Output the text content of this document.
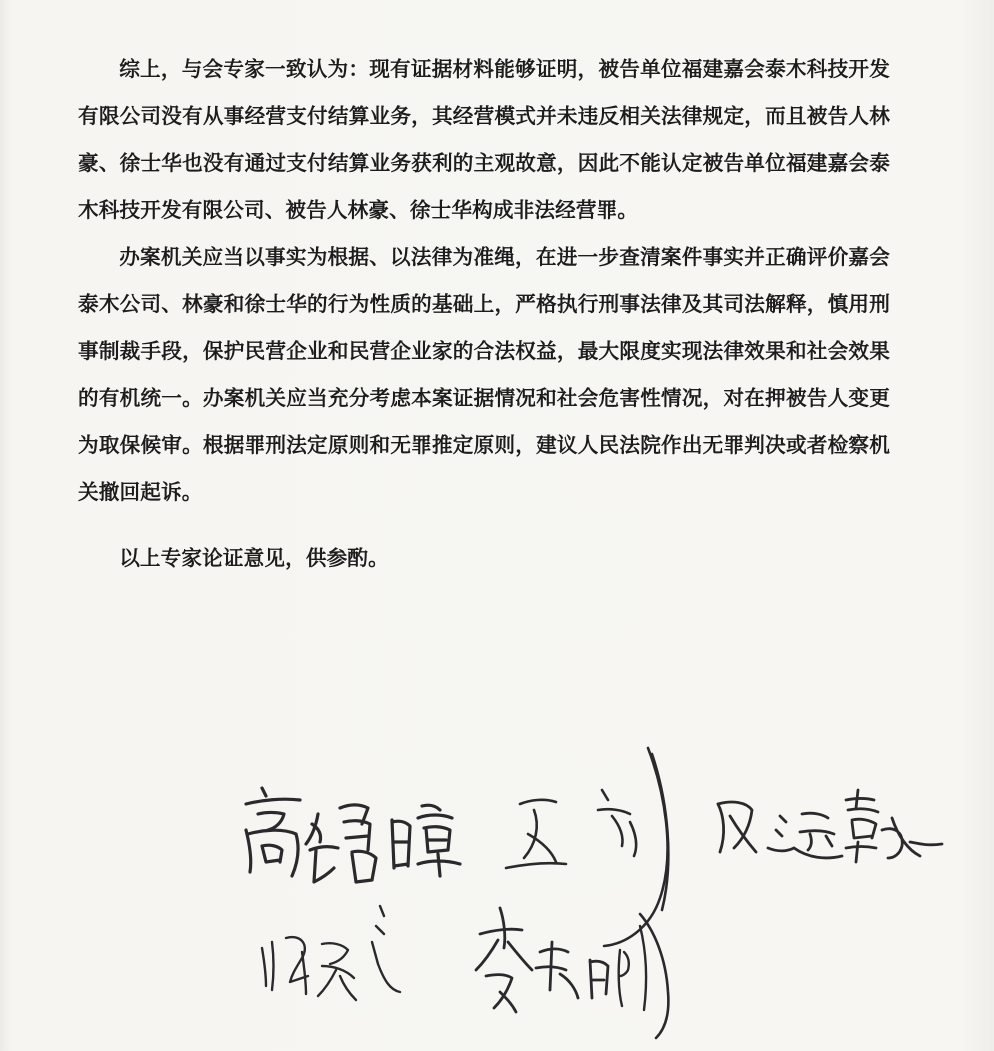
综上，与会专家一致认为：现有证据材料能够证明，被告单位福建嘉会泰木科技开发有限公司没有从事经营支付结算业务，其经营模式并未违反相关法律规定，而且被告人林豪、徐士华也没有通过支付结算业务获利的主观故意，因此不能认定被告单位福建嘉会泰木科技开发有限公司、被告人林豪、徐士华构成非法经营罪。

办案机关应当以事实为根据、以法律为准绳，在进一步查清案件事实并正确评价嘉会泰木公司、林豪和徐士华的行为性质的基础上，严格执行刑事法律及其司法解释，慎用刑事制裁手段，保护民营企业和民营企业家的合法权益，最大限度实现法律效果和社会效果的有机统一。办案机关应当充分考虑本案证据情况和社会危害性情况，对在押被告人变更为取保候审。根据罪刑法定原则和无罪推定原则，建议人民法院作出无罪判决或者检察机关撤回起诉。

以上专家论证意见，供参酌。
